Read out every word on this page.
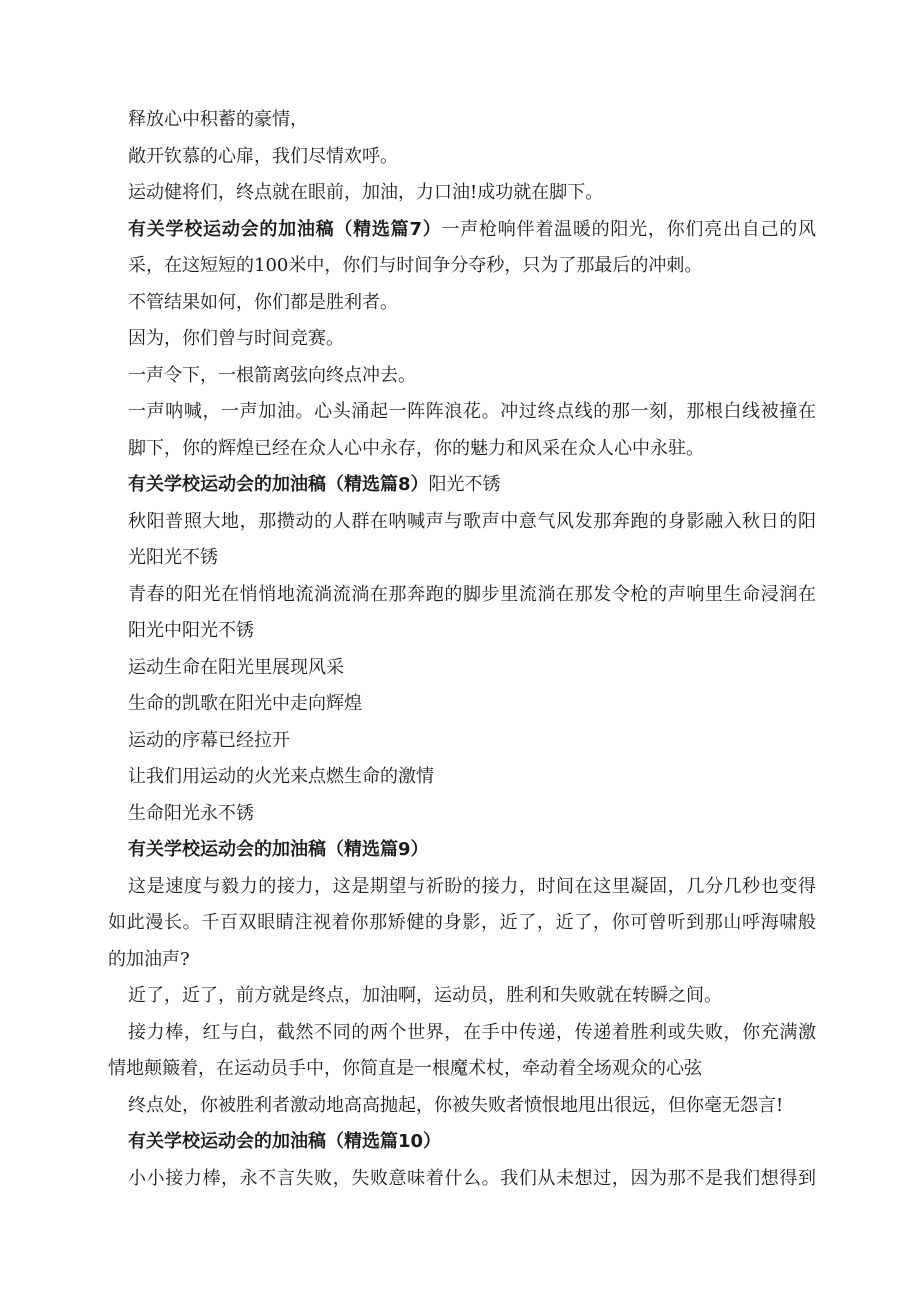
释放心中积蓄的豪情，
敞开钦慕的心扉，我们尽情欢呼。
运动健将们，终点就在眼前，加油，力口油!成功就在脚下。
有关学校运动会的加油稿（精选篇7）一声枪响伴着温暖的阳光，你们亮出自己的风
采，在这短短的100米中，你们与时间争分夺秒，只为了那最后的冲刺。
不管结果如何，你们都是胜利者。
因为，你们曾与时间竞赛。
一声令下，一根箭离弦向终点冲去。
一声呐喊，一声加油。心头涌起一阵阵浪花。冲过终点线的那一刻，那根白线被撞在
脚下，你的辉煌已经在众人心中永存，你的魅力和风采在众人心中永驻。
有关学校运动会的加油稿（精选篇8）阳光不锈
秋阳普照大地，那攒动的人群在呐喊声与歌声中意气风发那奔跑的身影融入秋日的阳
光阳光不锈
青春的阳光在悄悄地流淌流淌在那奔跑的脚步里流淌在那发令枪的声响里生命浸润在
阳光中阳光不锈
运动生命在阳光里展现风采
生命的凯歌在阳光中走向辉煌
运动的序幕已经拉开
让我们用运动的火光来点燃生命的激情
生命阳光永不锈
有关学校运动会的加油稿（精选篇9）
这是速度与毅力的接力，这是期望与祈盼的接力，时间在这里凝固，几分几秒也变得
如此漫长。千百双眼睛注视着你那矫健的身影，近了，近了，你可曾听到那山呼海啸般
的加油声?
近了，近了，前方就是终点，加油啊，运动员，胜利和失败就在转瞬之间。
接力棒，红与白，截然不同的两个世界，在手中传递，传递着胜利或失败，你充满激
情地颠簸着，在运动员手中，你简直是一根魔术杖，牵动着全场观众的心弦
终点处，你被胜利者激动地高高抛起，你被失败者愤恨地甩出很远，但你毫无怨言!
有关学校运动会的加油稿（精选篇10）
小小接力棒，永不言失败，失败意味着什么。我们从未想过，因为那不是我们想得到
